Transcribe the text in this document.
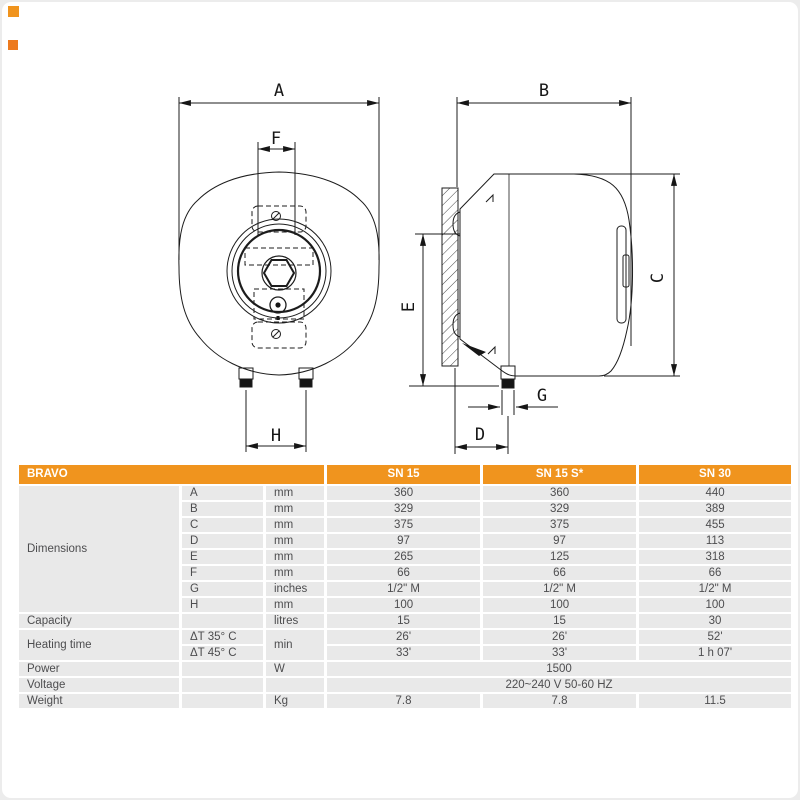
A
F
H
B
C
E
G
D
BRAVO			SN 15	SN 15 S*	SN 30
Dimensions	A	mm	360	360	440
	B	mm	329	329	389
	C	mm	375	375	455
	D	mm	97	97	113
	E	mm	265	125	318
	F	mm	66	66	66
	G	inches	1/2" M	1/2" M	1/2" M
	H	mm	100	100	100
Capacity		litres	15	15	30
Heating time	ΔT 35° C	min	26'	26'	52'
	ΔT 45° C		33'	33'	1 h 07'
Power		W	1500		
Voltage			220~240 V 50-60 HZ		
Weight		Kg	7.8	7.8	11.5
